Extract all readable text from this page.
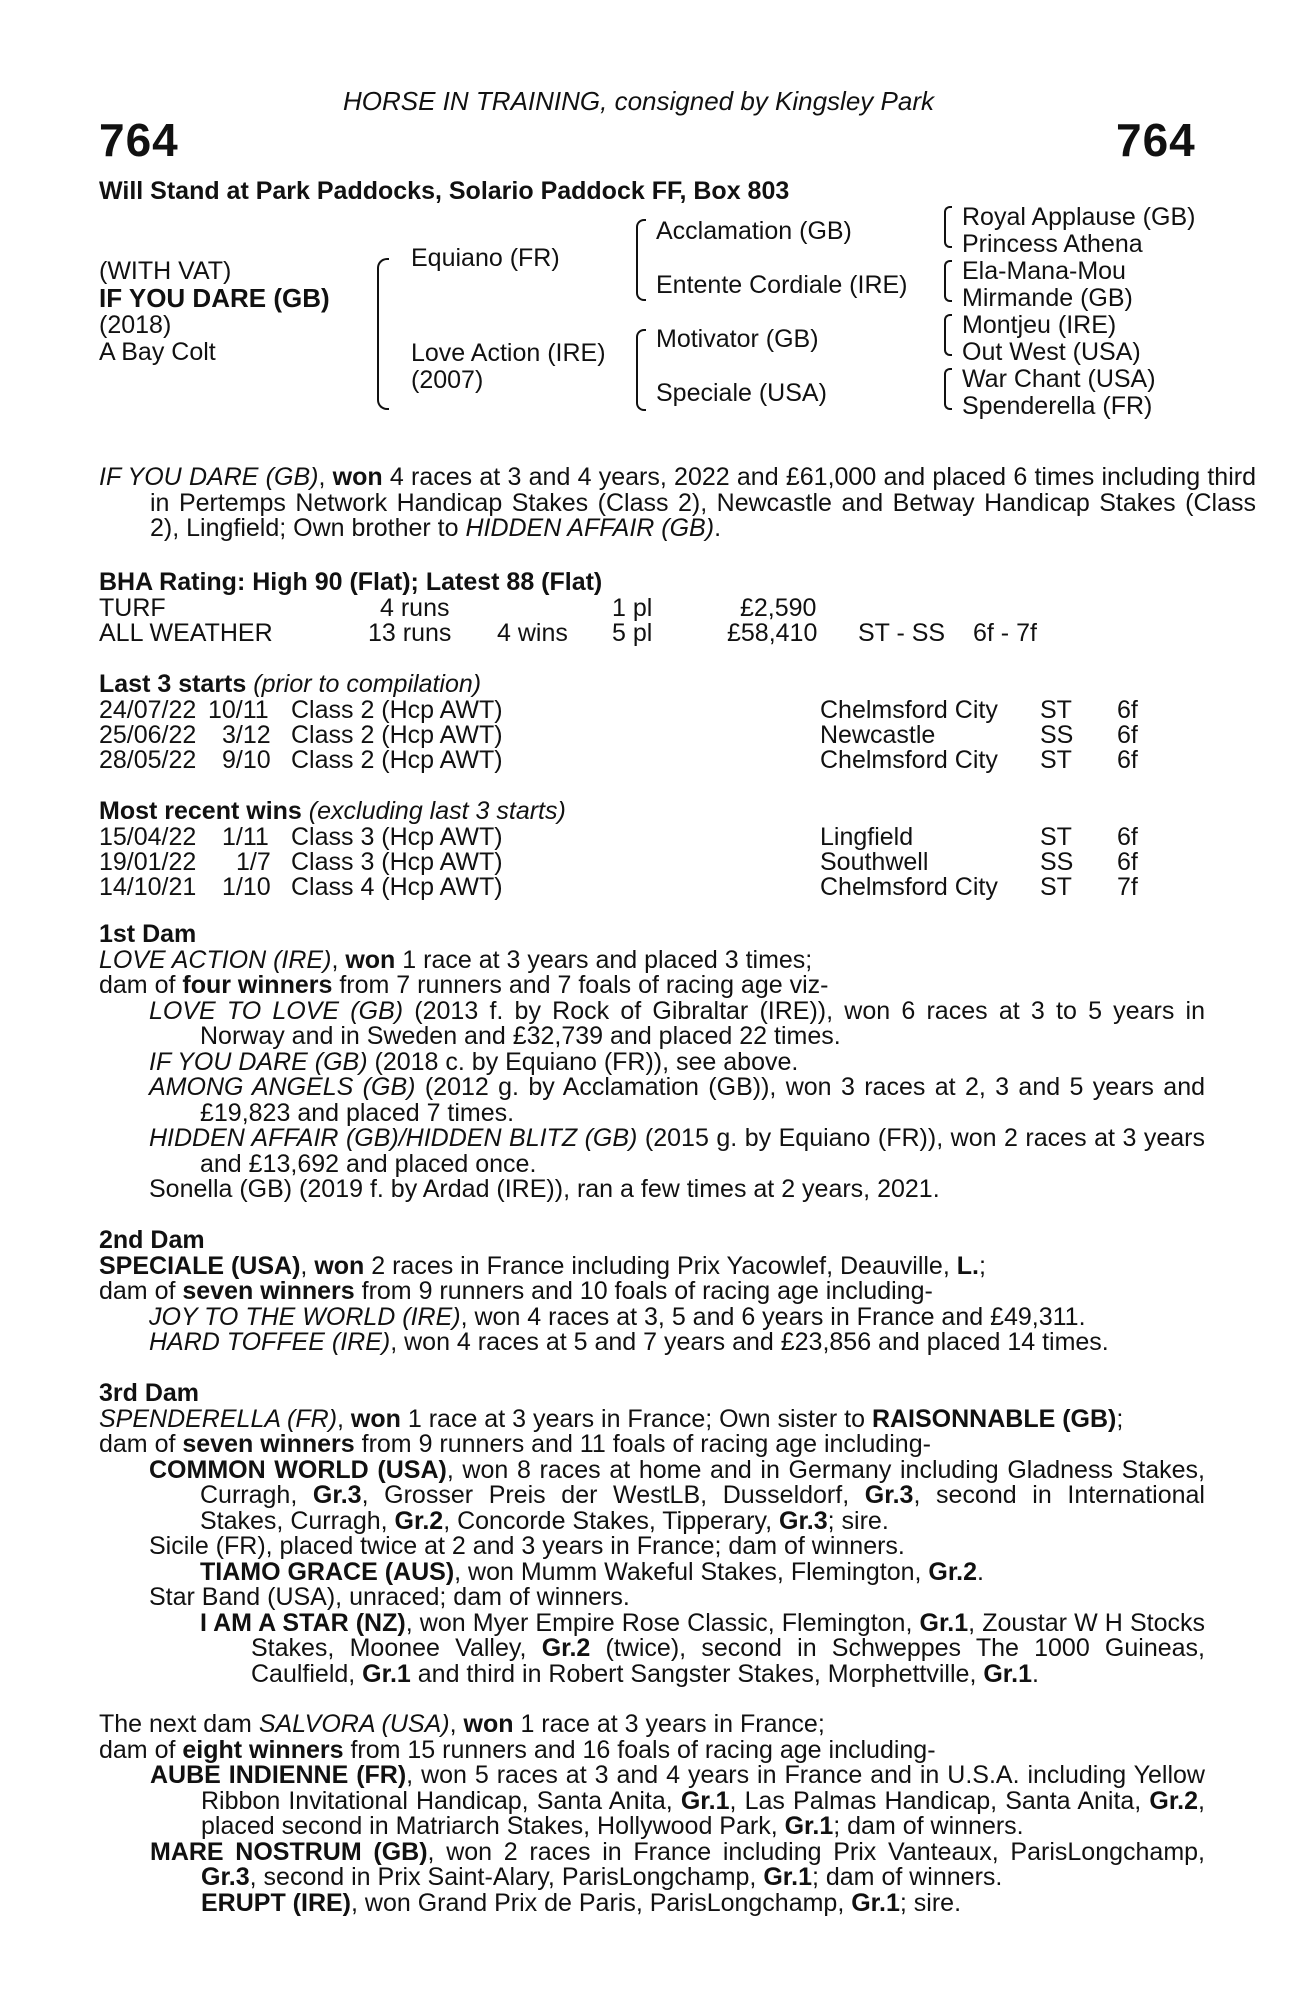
HORSE IN TRAINING, consigned by Kingsley Park
764	764
Will Stand at Park Paddocks, Solario Paddock FF, Box 803
(WITH VAT)
IF YOU DARE (GB)
(2018)
A Bay Colt
Equiano (FR)
Love Action (IRE)
(2007)
Acclamation (GB)
Entente Cordiale (IRE)
Motivator (GB)
Speciale (USA)
Royal Applause (GB)
Princess Athena
Ela-Mana-Mou
Mirmande (GB)
Montjeu (IRE)
Out West (USA)
War Chant (USA)
Spenderella (FR)
IF YOU DARE (GB), won 4 races at 3 and 4 years, 2022 and £61,000 and placed 6 times including third in Pertemps Network Handicap Stakes (Class 2), Newcastle and Betway Handicap Stakes (Class 2), Lingfield; Own brother to HIDDEN AFFAIR (GB).
BHA Rating: High 90 (Flat); Latest 88 (Flat)
TURF	4 runs	1 pl	£2,590
ALL WEATHER	13 runs 4 wins 5 pl	£58,410 ST - SS 6f - 7f
Last 3 starts (prior to compilation)
24/07/22 10/11 Class 2 (Hcp AWT)	Chelmsford City ST 6f
25/06/22 3/12 Class 2 (Hcp AWT)	Newcastle	SS 6f
28/05/22 9/10 Class 2 (Hcp AWT)	Chelmsford City ST 6f
Most recent wins (excluding last 3 starts)
15/04/22 1/11 Class 3 (Hcp AWT)	Lingfield	ST 6f
19/01/22 1/7 Class 3 (Hcp AWT)	Southwell	SS 6f
14/10/21 1/10 Class 4 (Hcp AWT)	Chelmsford City ST 7f
1st Dam
LOVE ACTION (IRE), won 1 race at 3 years and placed 3 times;
dam of four winners from 7 runners and 7 foals of racing age viz-
LOVE TO LOVE (GB) (2013 f. by Rock of Gibraltar (IRE)), won 6 races at 3 to 5 years in Norway and in Sweden and £32,739 and placed 22 times.
IF YOU DARE (GB) (2018 c. by Equiano (FR)), see above.
AMONG ANGELS (GB) (2012 g. by Acclamation (GB)), won 3 races at 2, 3 and 5 years and £19,823 and placed 7 times.
HIDDEN AFFAIR (GB)/HIDDEN BLITZ (GB) (2015 g. by Equiano (FR)), won 2 races at 3 years and £13,692 and placed once.
Sonella (GB) (2019 f. by Ardad (IRE)), ran a few times at 2 years, 2021.
2nd Dam
SPECIALE (USA), won 2 races in France including Prix Yacowlef, Deauville, L.;
dam of seven winners from 9 runners and 10 foals of racing age including-
JOY TO THE WORLD (IRE), won 4 races at 3, 5 and 6 years in France and £49,311.
HARD TOFFEE (IRE), won 4 races at 5 and 7 years and £23,856 and placed 14 times.
3rd Dam
SPENDERELLA (FR), won 1 race at 3 years in France; Own sister to RAISONNABLE (GB);
dam of seven winners from 9 runners and 11 foals of racing age including-
COMMON WORLD (USA), won 8 races at home and in Germany including Gladness Stakes, Curragh, Gr.3, Grosser Preis der WestLB, Dusseldorf, Gr.3, second in International Stakes, Curragh, Gr.2, Concorde Stakes, Tipperary, Gr.3; sire.
Sicile (FR), placed twice at 2 and 3 years in France; dam of winners.
TIAMO GRACE (AUS), won Mumm Wakeful Stakes, Flemington, Gr.2.
Star Band (USA), unraced; dam of winners.
I AM A STAR (NZ), won Myer Empire Rose Classic, Flemington, Gr.1, Zoustar W H Stocks Stakes, Moonee Valley, Gr.2 (twice), second in Schweppes The 1000 Guineas, Caulfield, Gr.1 and third in Robert Sangster Stakes, Morphettville, Gr.1.
The next dam SALVORA (USA), won 1 race at 3 years in France;
dam of eight winners from 15 runners and 16 foals of racing age including-
AUBE INDIENNE (FR), won 5 races at 3 and 4 years in France and in U.S.A. including Yellow Ribbon Invitational Handicap, Santa Anita, Gr.1, Las Palmas Handicap, Santa Anita, Gr.2, placed second in Matriarch Stakes, Hollywood Park, Gr.1; dam of winners.
MARE NOSTRUM (GB), won 2 races in France including Prix Vanteaux, ParisLongchamp, Gr.3, second in Prix Saint-Alary, ParisLongchamp, Gr.1; dam of winners.
ERUPT (IRE), won Grand Prix de Paris, ParisLongchamp, Gr.1; sire.
